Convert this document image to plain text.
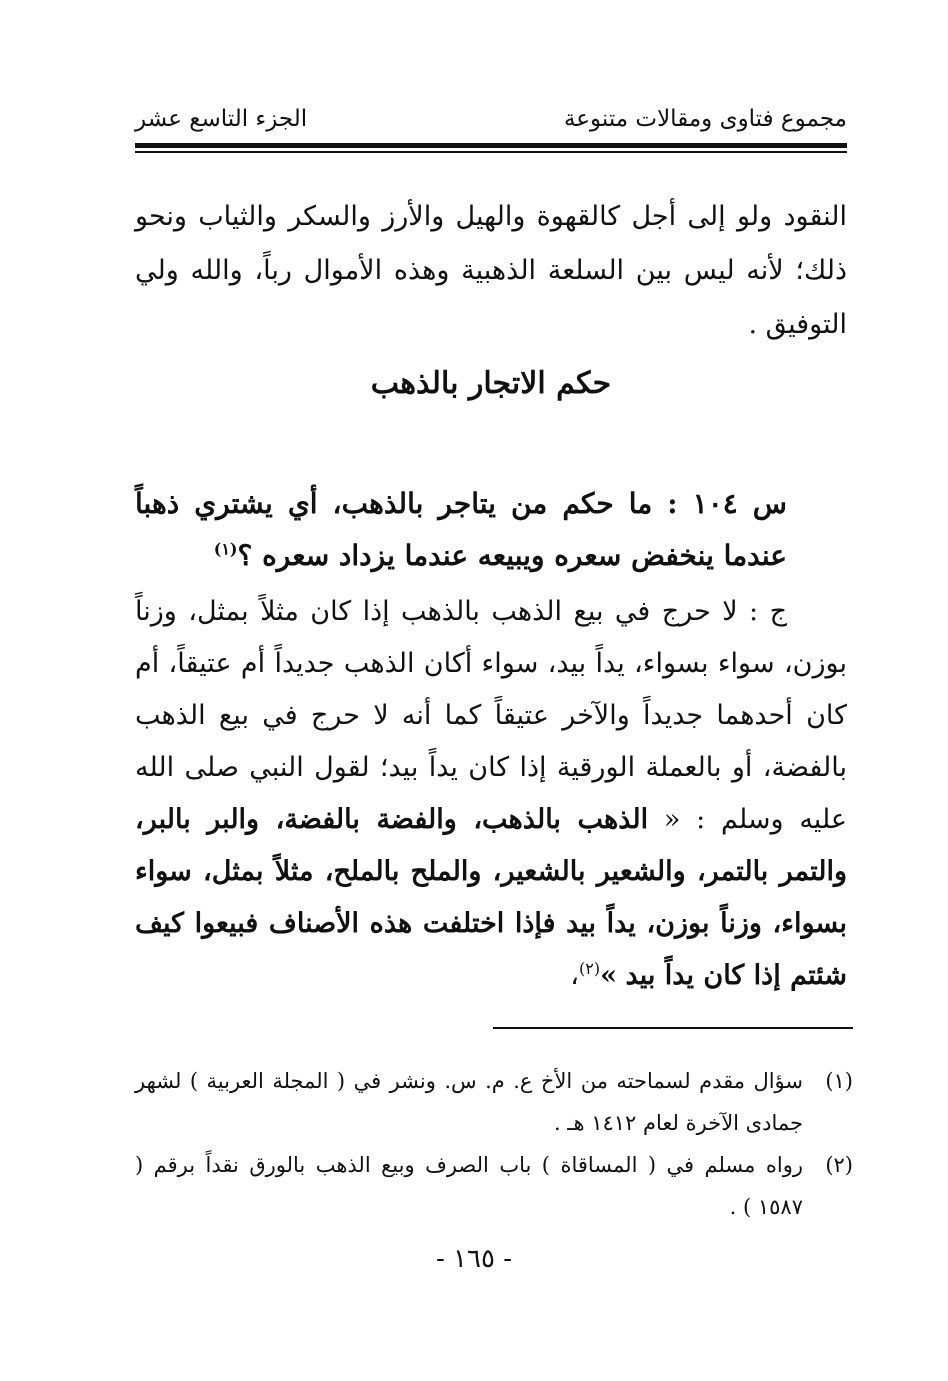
مجموع فتاوى ومقالات متنوعة
الجزء التاسع عشر
النقود ولو إلى أجل كالقهوة والهيل والأرز والسكر والثياب ونحو ذلك؛ لأنه ليس بين السلعة الذهبية وهذه الأموال رباً، والله ولي التوفيق .
حكم الاتجار بالذهب
س ١٠٤ : ما حكم من يتاجر بالذهب، أي يشتري ذهباً
عندما ينخفض سعره ويبيعه عندما يزداد سعره ؟$^{(١)}$
ج : لا حرج في بيع الذهب بالذهب إذا كان مثلاً بمثل، وزناً بوزن، سواء بسواء، يداً بيد، سواء أكان الذهب جديداً أم عتيقاً، أم كان أحدهما جديداً والآخر عتيقاً كما أنه لا حرج في بيع الذهب بالفضة، أو بالعملة الورقية إذا كان يداً بيد؛ لقول النبي صلى الله عليه وسلم : « الذهب بالذهب، والفضة بالفضة، والبر بالبر، والتمر بالتمر، والشعير بالشعير، والملح بالملح، مثلاً بمثل، سواء بسواء، وزناً بوزن، يداً بيد فإذا اختلفت هذه الأصناف فبيعوا كيف شئتم إذا كان يداً بيد »$^{(٢)}$،
(١)
سؤال مقدم لسماحته من الأخ ع. م. س. ونشر في ( المجلة العربية ) لشهر جمادى الآخرة لعام ١٤١٢ هـ .
(٢)
رواه مسلم في ( المساقاة ) باب الصرف وبيع الذهب بالورق نقداً برقم ( ١٥٨٧ ) .
- ١٦٥ -
